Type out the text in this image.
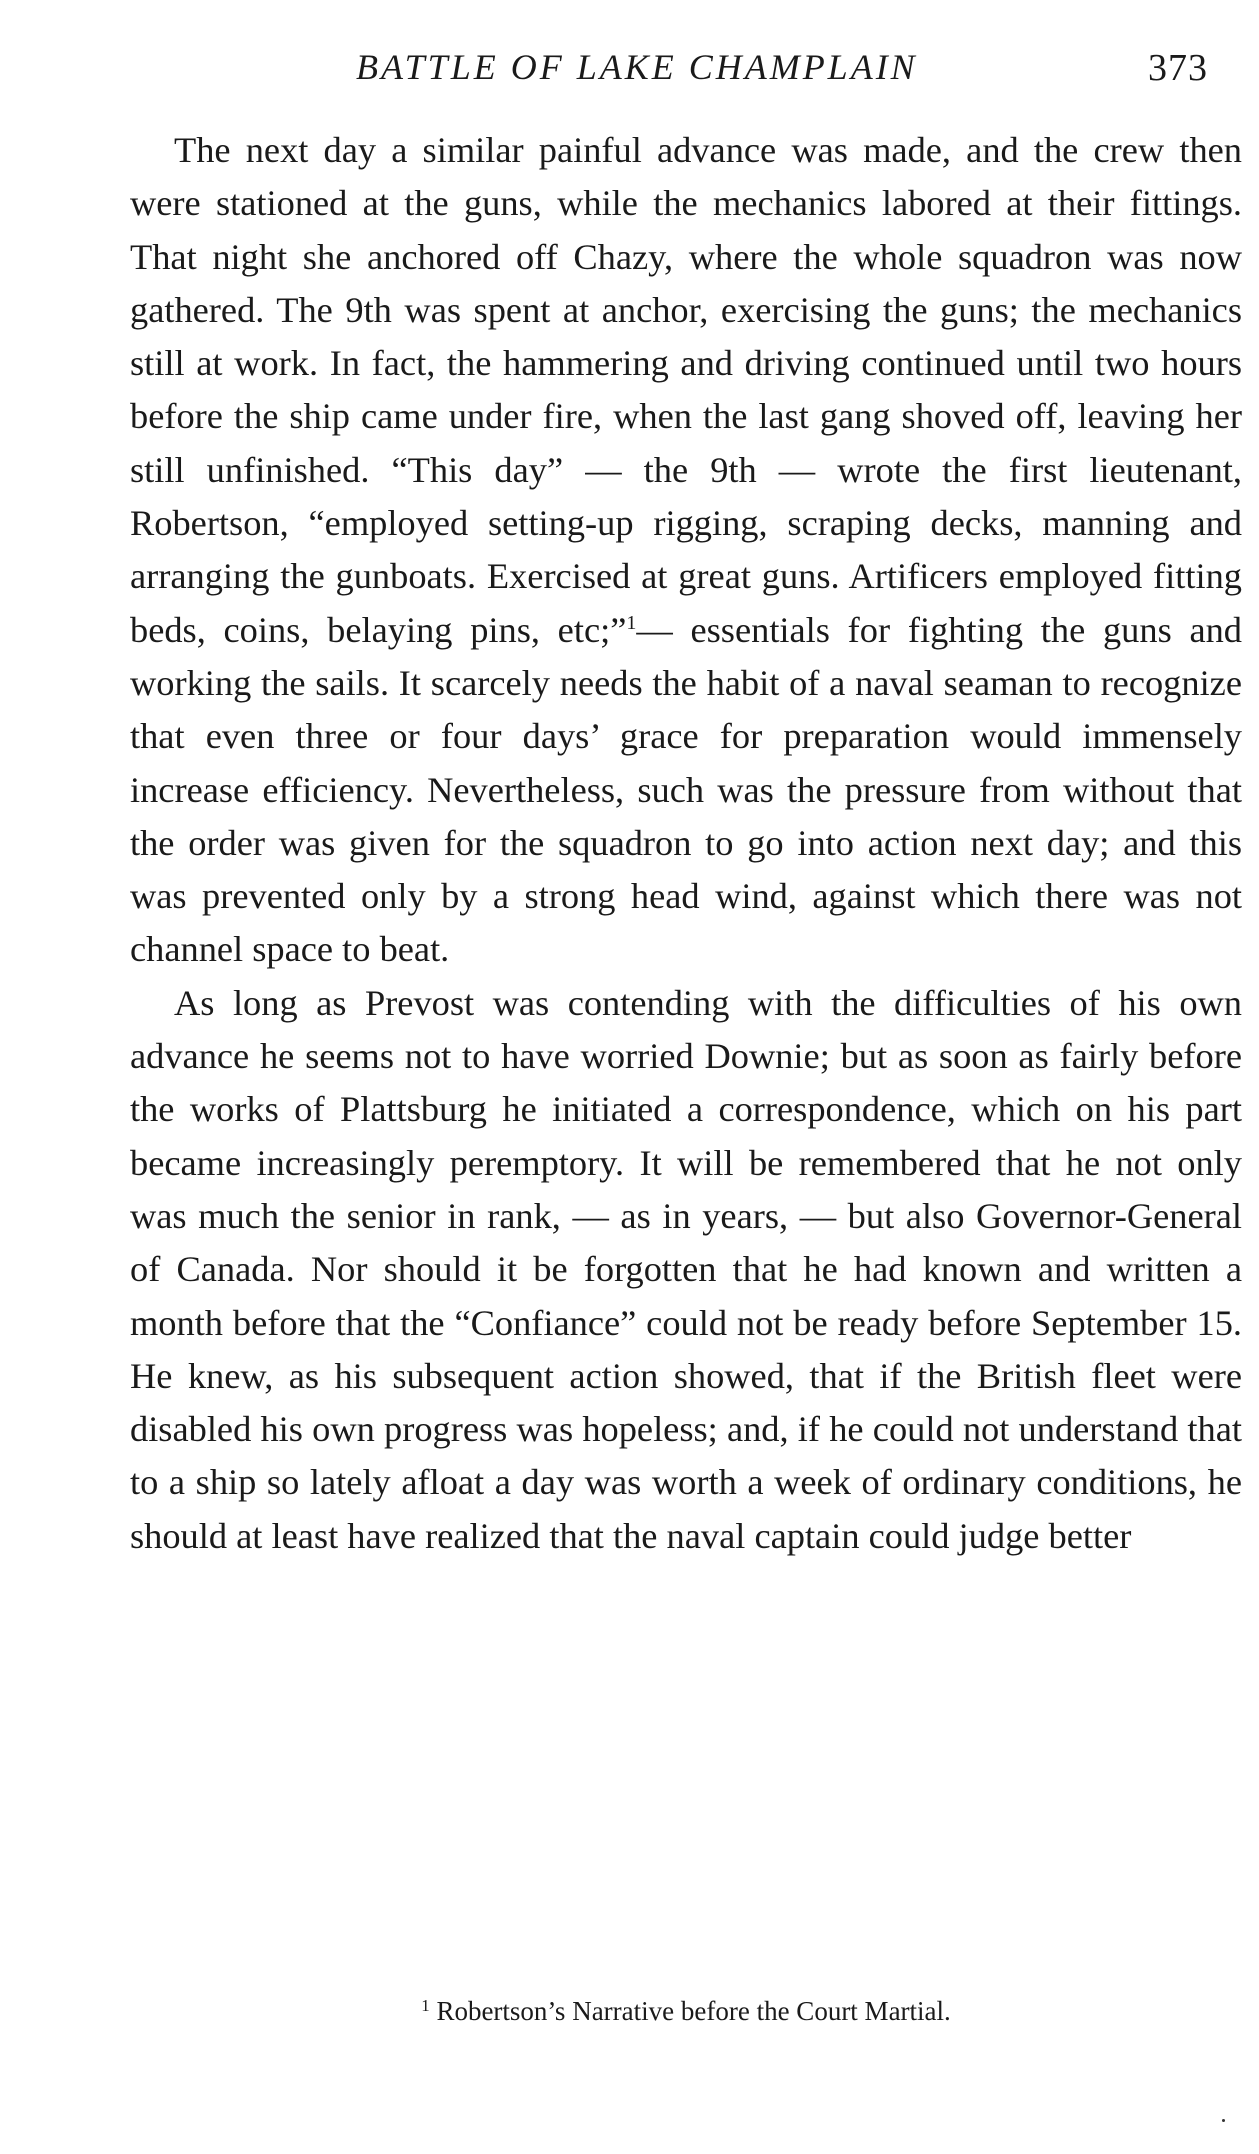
BATTLE OF LAKE CHAMPLAIN	373

The next day a similar painful advance was made, and the crew then were stationed at the guns, while the mechanics labored at their fittings. That night she anchored off Chazy, where the whole squadron was now gathered. The 9th was spent at anchor, exercising the guns; the mechanics still at work. In fact, the hammering and driving continued until two hours before the ship came under fire, when the last gang shoved off, leaving her still unfinished. “This day” — the 9th — wrote the first lieutenant, Robertson, “employed setting-up rigging, scraping decks, manning and arranging the gunboats. Exercised at great guns. Artificers employed fitting beds, coins, belaying pins, etc;”$^1$— essentials for fighting the guns and working the sails. It scarcely needs the habit of a naval seaman to recognize that even three or four days’ grace for preparation would immensely increase efficiency. Nevertheless, such was the pressure from without that the order was given for the squadron to go into action next day; and this was prevented only by a strong head wind, against which there was not channel space to beat.

As long as Prevost was contending with the difficulties of his own advance he seems not to have worried Downie; but as soon as fairly before the works of Plattsburg he initiated a correspondence, which on his part became increasingly peremptory. It will be remembered that he not only was much the senior in rank, — as in years, — but also Governor-General of Canada. Nor should it be forgotten that he had known and written a month before that the “Confiance” could not be ready before September 15. He knew, as his subsequent action showed, that if the British fleet were disabled his own progress was hopeless; and, if he could not understand that to a ship so lately afloat a day was worth a week of ordinary conditions, he should at least have realized that the naval captain could judge better

$^1$ Robertson’s Narrative before the Court Martial.
